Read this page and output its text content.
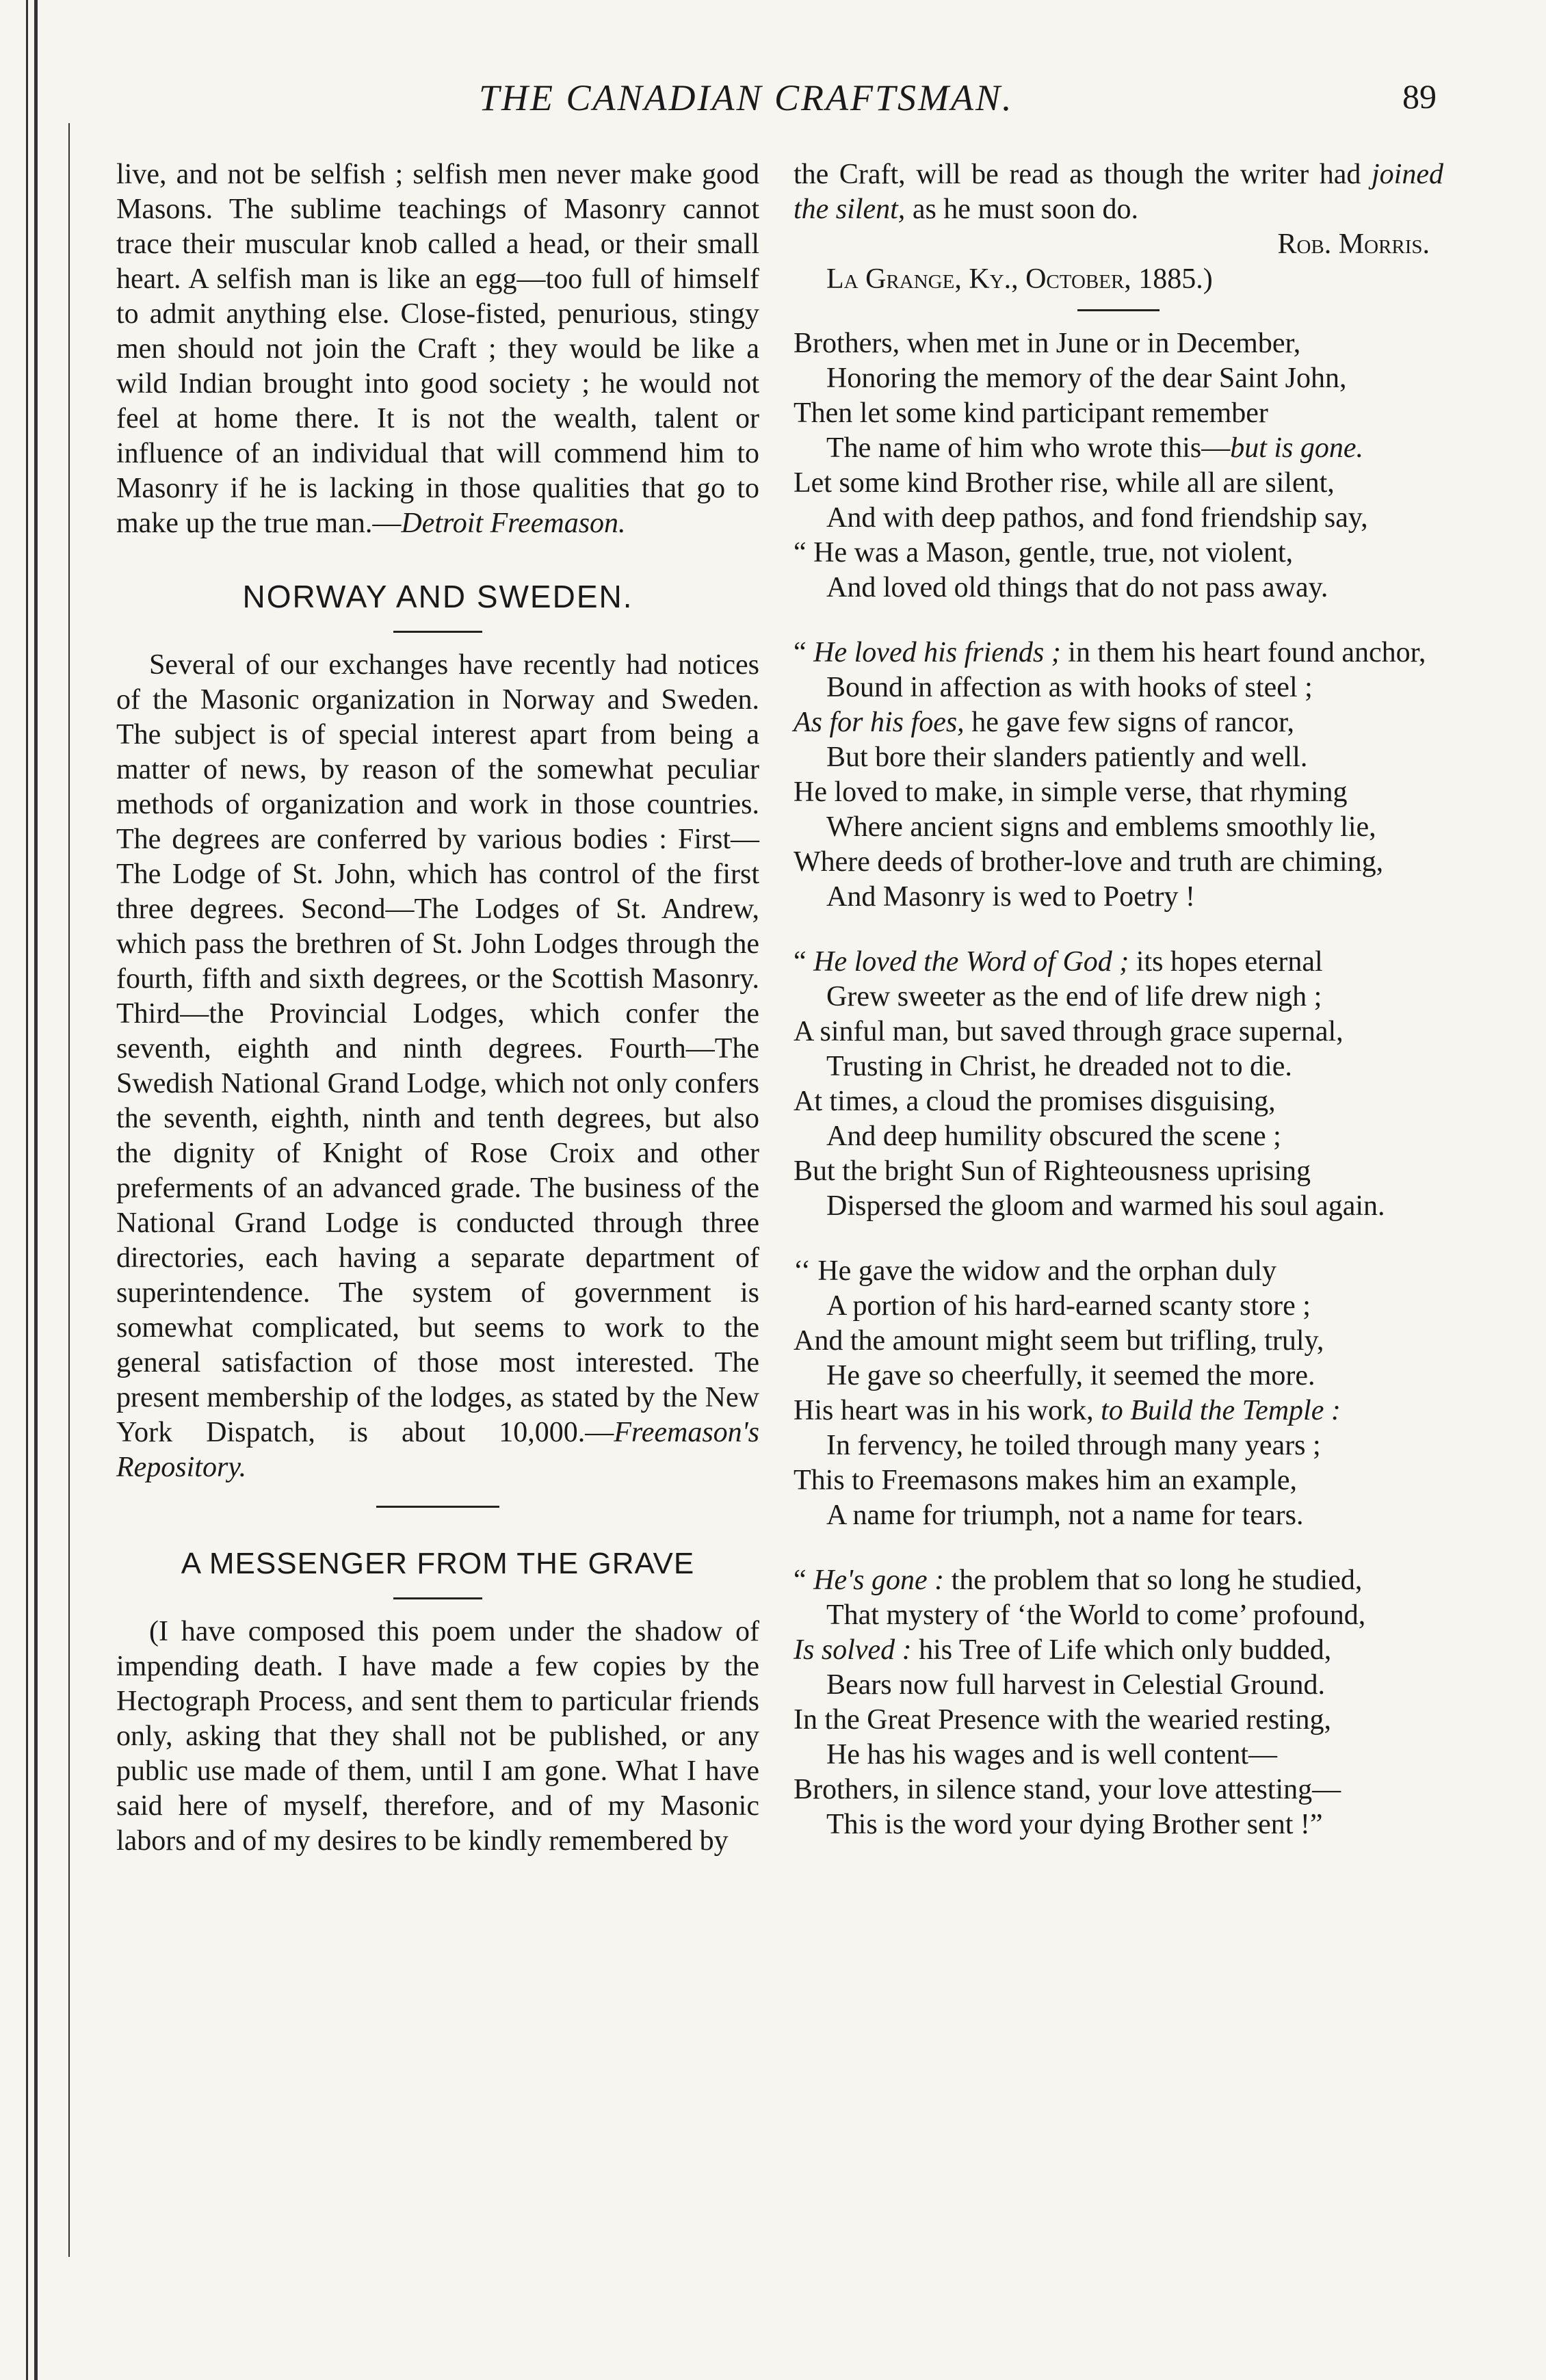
THE CANADIAN CRAFTSMAN.	89

live, and not be selfish ; selfish men never make good Masons. The sublime teachings of Masonry cannot trace their muscular knob called a head, or their small heart. A selfish man is like an egg—too full of himself to admit anything else. Close-fisted, penurious, stingy men should not join the Craft ; they would be like a wild Indian brought into good society ; he would not feel at home there. It is not the wealth, talent or influence of an individual that will commend him to Masonry if he is lacking in those qualities that go to make up the true man.—Detroit Freemason.

NORWAY AND SWEDEN.

Several of our exchanges have recently had notices of the Masonic organization in Norway and Sweden. The subject is of special interest apart from being a matter of news, by reason of the somewhat peculiar methods of organization and work in those countries. The degrees are conferred by various bodies : First—The Lodge of St. John, which has control of the first three degrees. Second—The Lodges of St. Andrew, which pass the brethren of St. John Lodges through the fourth, fifth and sixth degrees, or the Scottish Masonry. Third—the Provincial Lodges, which confer the seventh, eighth and ninth degrees. Fourth—The Swedish National Grand Lodge, which not only confers the seventh, eighth, ninth and tenth degrees, but also the dignity of Knight of Rose Croix and other preferments of an advanced grade. The business of the National Grand Lodge is conducted through three directories, each having a separate department of superintendence. The system of government is somewhat complicated, but seems to work to the general satisfaction of those most interested. The present membership of the lodges, as stated by the New York Dispatch, is about 10,000.—Freemason's Repository.

A MESSENGER FROM THE GRAVE

(I have composed this poem under the shadow of impending death. I have made a few copies by the Hectograph Process, and sent them to particular friends only, asking that they shall not be published, or any public use made of them, until I am gone. What I have said here of myself, therefore, and of my Masonic labors and of my desires to be kindly remembered by

the Craft, will be read as though the writer had joined the silent, as he must soon do.

Rob. Morris.

La Grange, Ky., October, 1885.)

Brothers, when met in June or in December,

Honoring the memory of the dear Saint John,

Then let some kind participant remember

The name of him who wrote this—but is gone.

Let some kind Brother rise, while all are silent,

And with deep pathos, and fond friendship say,

“ He was a Mason, gentle, true, not violent,

And loved old things that do not pass away.

“ He loved his friends ; in them his heart found anchor,

Bound in affection as with hooks of steel ;

As for his foes, he gave few signs of rancor,

But bore their slanders patiently and well.

He loved to make, in simple verse, that rhyming

Where ancient signs and emblems smoothly lie,

Where deeds of brother-love and truth are chiming,

And Masonry is wed to Poetry !

“ He loved the Word of God ; its hopes eternal

Grew sweeter as the end of life drew nigh ;

A sinful man, but saved through grace supernal,

Trusting in Christ, he dreaded not to die.

At times, a cloud the promises disguising,

And deep humility obscured the scene ;

But the bright Sun of Righteousness uprising

Dispersed the gloom and warmed his soul again.

‘‘ He gave the widow and the orphan duly

A portion of his hard-earned scanty store ;

And the amount might seem but trifling, truly,

He gave so cheerfully, it seemed the more.

His heart was in his work, to Build the Temple :

In fervency, he toiled through many years ;

This to Freemasons makes him an example,

A name for triumph, not a name for tears.

“ He's gone : the problem that so long he studied,

That mystery of ‘the World to come’ profound,

Is solved : his Tree of Life which only budded,

Bears now full harvest in Celestial Ground.

In the Great Presence with the wearied resting,

He has his wages and is well content—

Brothers, in silence stand, your love attesting—

This is the word your dying Brother sent !”
